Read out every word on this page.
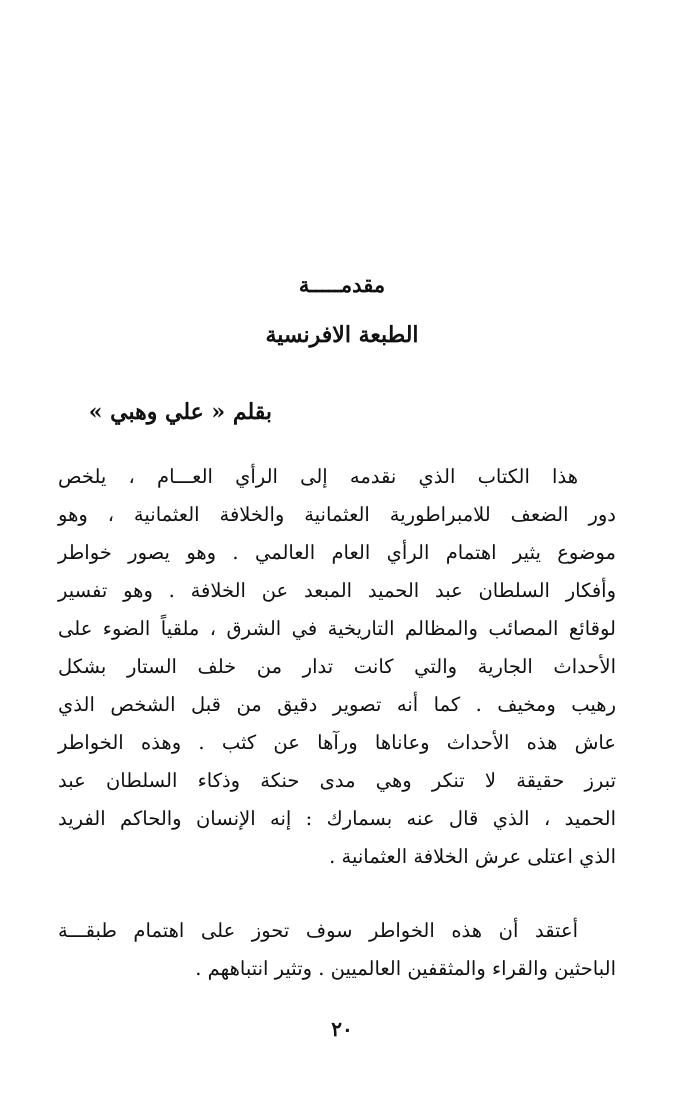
مقدمـــــة
الطبعة الافرنسية
بقلم « علي وهبي »
هذا الكتاب الذي نقدمه إلى الرأي العـــام ، يلخص
دور الضعف للامبراطورية العثمانية والخلافة العثمانية ، وهو
موضوع يثير اهتمام الرأي العام العالمي . وهو يصور خواطر
وأفكار السلطان عبد الحميد المبعد عن الخلافة . وهو تفسير
لوقائع المصائب والمظالم التاريخية في الشرق ، ملقياً الضوء على
الأحداث الجارية والتي كانت تدار من خلف الستار بشكل
رهيب ومخيف . كما أنه تصوير دقيق من قبل الشخص الذي
عاش هذه الأحداث وعاناها ورآها عن كثب . وهذه الخواطر
تبرز حقيقة لا تنكر وهي مدى حنكة وذكاء السلطان عبد
الحميد ، الذي قال عنه بسمارك : إنه الإنسان والحاكم الفريد
الذي اعتلى عرش الخلافة العثمانية .
أعتقد أن هذه الخواطر سوف تحوز على اهتمام طبقـــة
الباحثين والقراء والمثقفين العالميين . وتثير انتباههم .
٢٠
